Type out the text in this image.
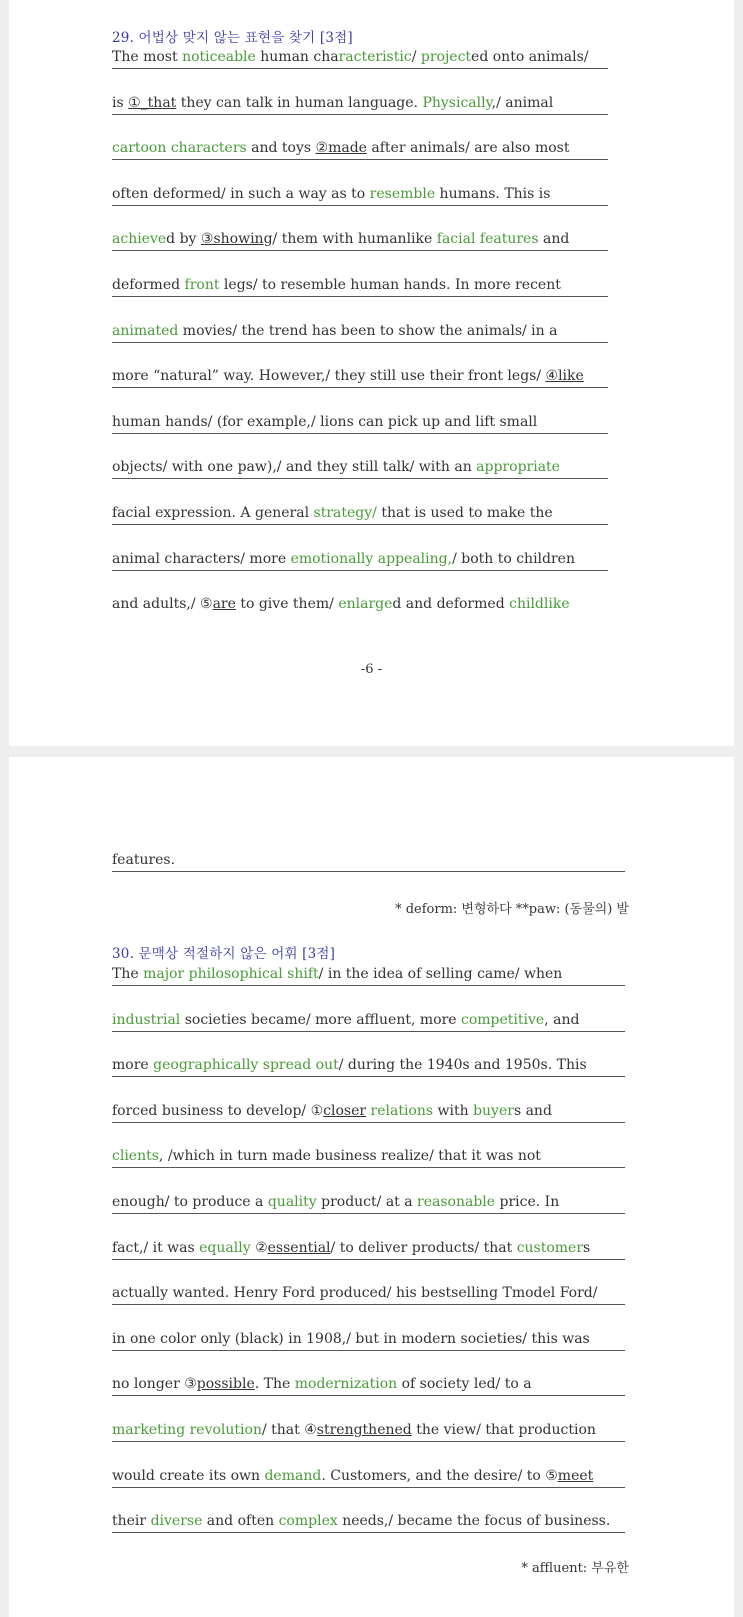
29. 어법상 맞지 않는 표현을 찾기 [3점]
The most noticeable human characteristic/ projected onto animals/
is ①_that they can talk in human language. Physically,/ animal
cartoon characters and toys ②made after animals/ are also most
often deformed/ in such a way as to resemble humans. This is
achieved by ③showing/ them with humanlike facial features and
deformed front legs/ to resemble human hands. In more recent
animated movies/ the trend has been to show the animals/ in a
more “natural” way. However,/ they still use their front legs/ ④like
human hands/ (for example,/ lions can pick up and lift small
objects/ with one paw),/ and they still talk/ with an appropriate
facial expression. A general strategy/ that is used to make the
animal characters/ more emotionally appealing,/ both to children
and adults,/ ⑤are to give them/ enlarged and deformed childlike
-6 -
features.
* deform: 변형하다 **paw: (동물의) 발
30. 문맥상 적절하지 않은 어휘 [3점]
The major philosophical shift/ in the idea of selling came/ when
industrial societies became/ more affluent, more competitive, and
more geographically spread out/ during the 1940s and 1950s. This
forced business to develop/ ①closer relations with buyers and
clients, /which in turn made business realize/ that it was not
enough/ to produce a quality product/ at a reasonable price. In
fact,/ it was equally ②essential/ to deliver products/ that customers
actually wanted. Henry Ford produced/ his bestselling Tmodel Ford/
in one color only (black) in 1908,/ but in modern societies/ this was
no longer ③possible. The modernization of society led/ to a
marketing revolution/ that ④strengthened the view/ that production
would create its own demand. Customers, and the desire/ to ⑤meet
their diverse and often complex needs,/ became the focus of business.
* affluent: 부유한
